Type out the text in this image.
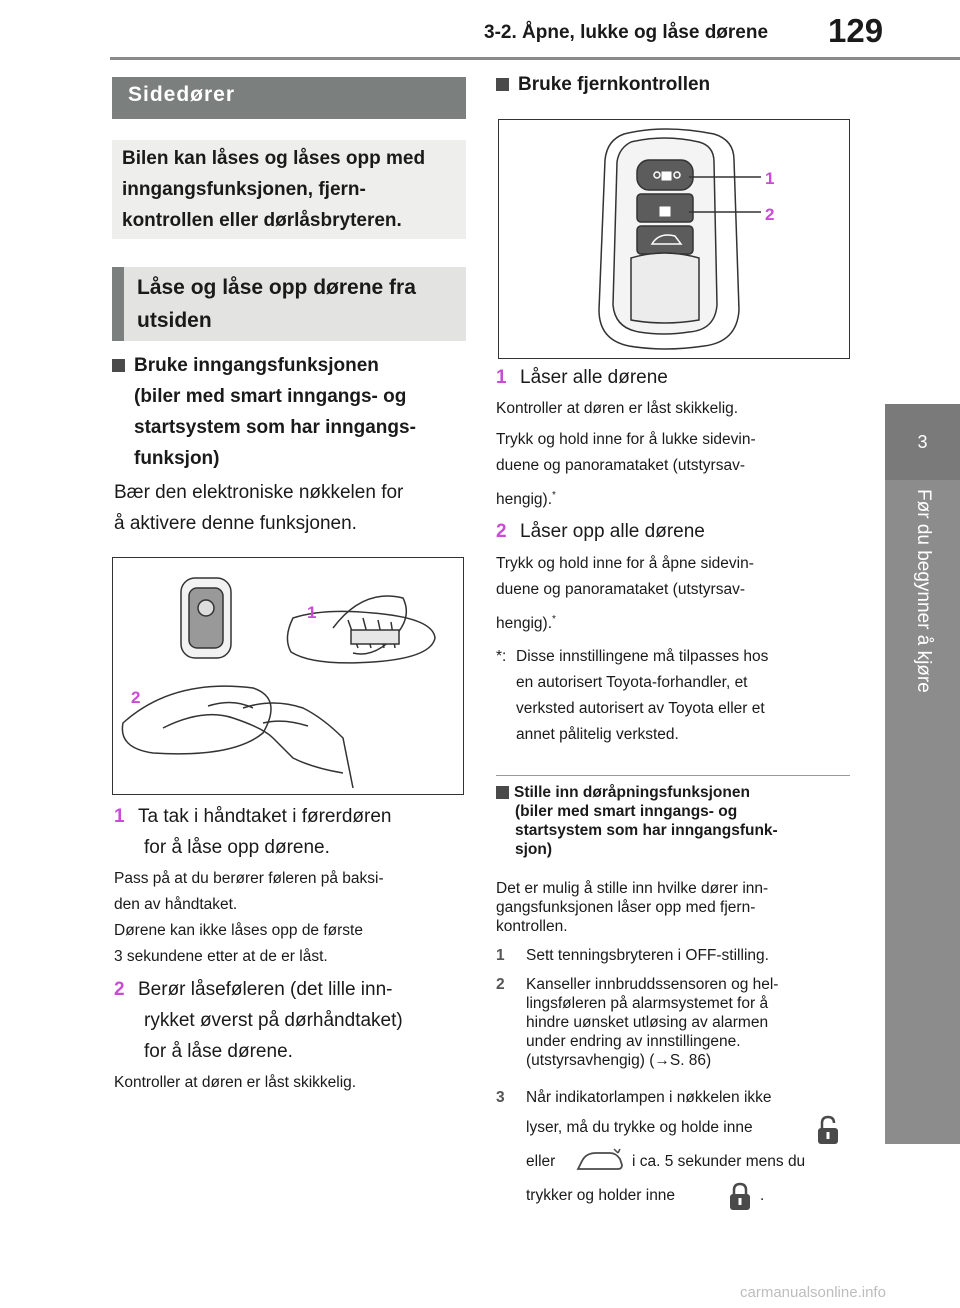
3-2. Åpne, lukke og låse dørene 129
3
Før du begynner å kjøre
Sidedører
Bilen kan låses og låses opp med inngangsfunksjonen, fjern-kontrollen eller dørlåsbryteren.
Låse og låse opp dørene fra utsiden
Bruke inngangsfunksjonen
(biler med smart inngangs- og
startsystem som har inngangs-
funksjon)
Bær den elektroniske nøkkelen for
å aktivere denne funksjonen.
1
2
1 Ta tak i håndtaket i førerdøren
for å låse opp dørene.
Pass på at du berører føleren på baksi-
den av håndtaket.
Dørene kan ikke låses opp de første
3 sekundene etter at de er låst.
2 Berør låseføleren (det lille inn-
rykket øverst på dørhåndtaket)
for å låse dørene.
Kontroller at døren er låst skikkelig.
Bruke fjernkontrollen
1
2
1 Låser alle dørene
Kontroller at døren er låst skikkelig.
Trykk og hold inne for å lukke sidevin-
duene og panoramataket (utstyrsav-
hengig).*
2 Låser opp alle dørene
Trykk og hold inne for å åpne sidevin-
duene og panoramataket (utstyrsav-
hengig).*
*: Disse innstillingene må tilpasses hos
en autorisert Toyota-forhandler, et
verksted autorisert av Toyota eller et
annet pålitelig verksted.
Stille inn døråpningsfunksjonen
(biler med smart inngangs- og
startsystem som har inngangsfunk-
sjon)
Det er mulig å stille inn hvilke dører inn-
gangsfunksjonen låser opp med fjern-
kontrollen.
1 Sett tenningsbryteren i OFF-stilling.
2 Kanseller innbruddssensoren og hel-
lingsføleren på alarmsystemet for å
hindre uønsket utløsing av alarmen
under endring av innstillingene.
(utstyrsavhengig) (→S. 86)
3 Når indikatorlampen i nøkkelen ikke
lyser, må du trykke og holde inne
eller	i ca. 5 sekunder mens du
trykker og holder inne	.
carmanualsonline.info
